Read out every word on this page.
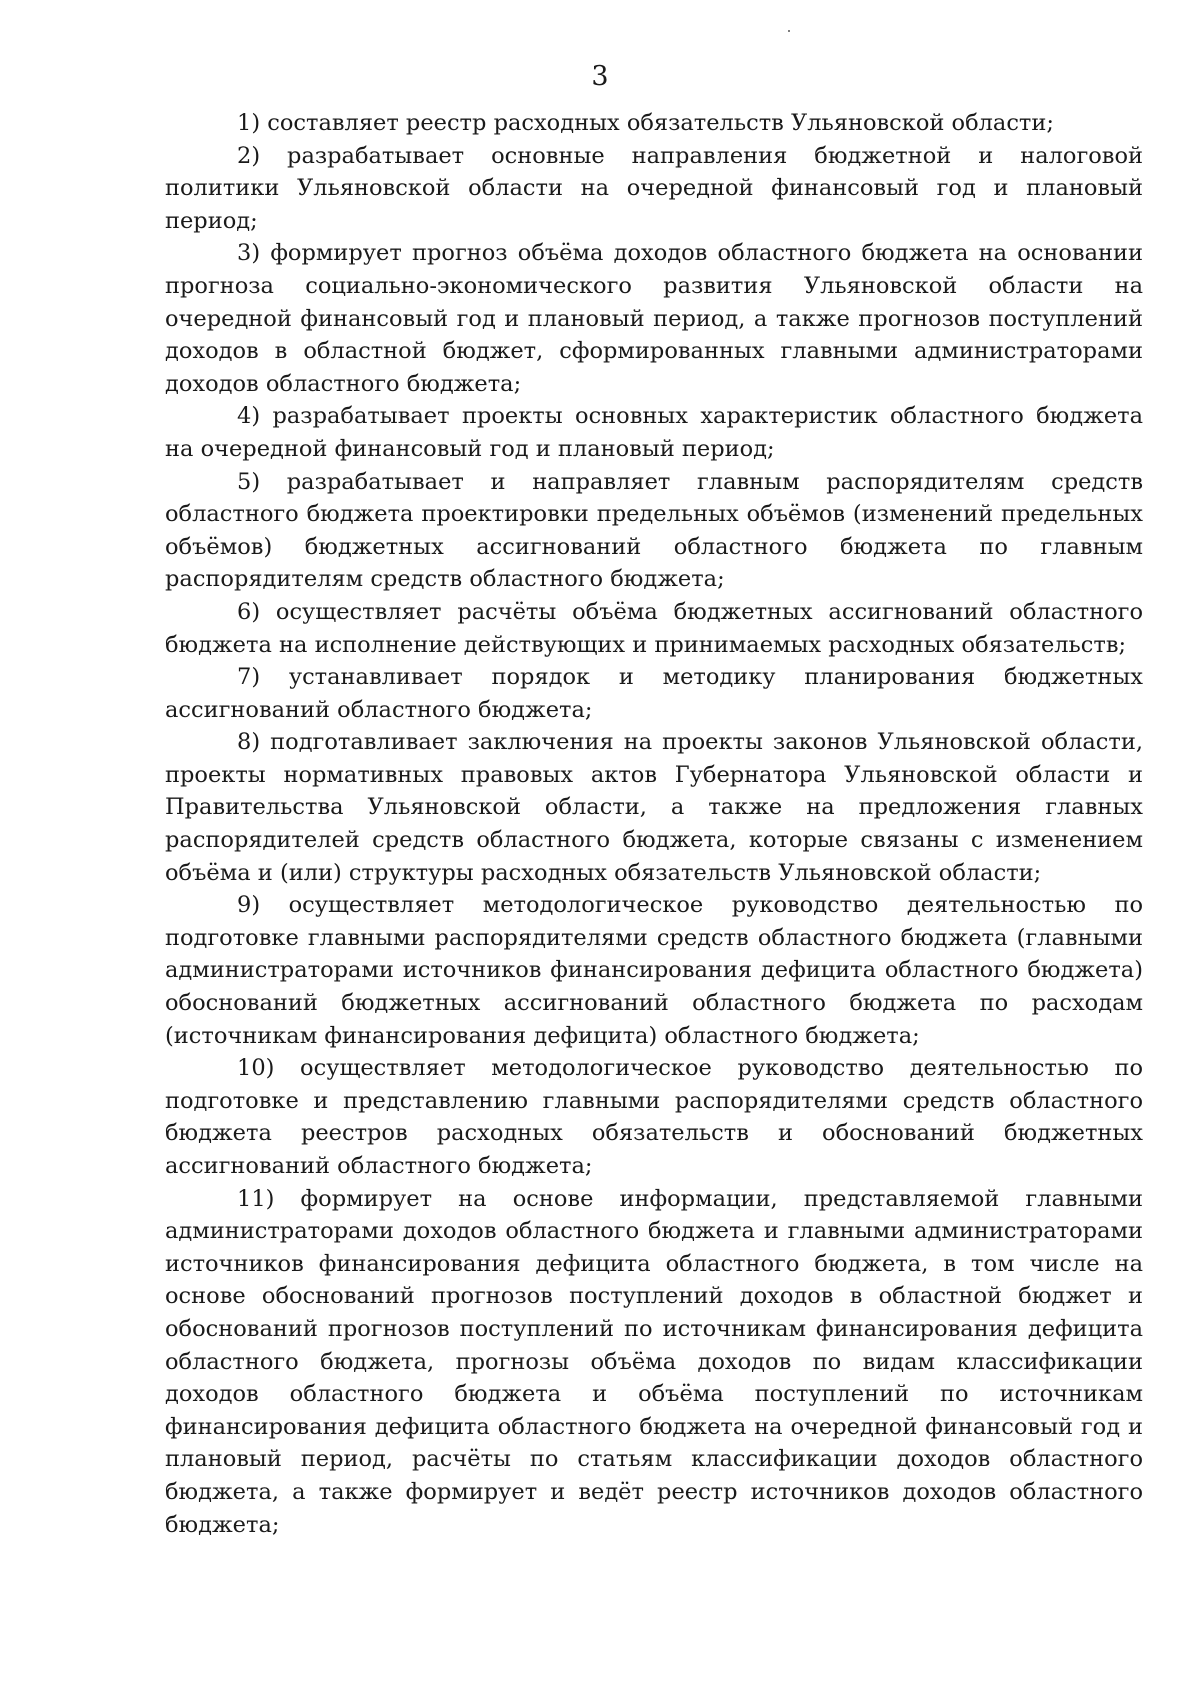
3

1) составляет реестр расходных обязательств Ульяновской области;

2) разрабатывает основные направления бюджетной и налоговой политики Ульяновской области на очередной финансовый год и плановый период;

3) формирует прогноз объёма доходов областного бюджета на основании прогноза социально-экономического развития Ульяновской области на очередной финансовый год и плановый период, а также прогнозов поступлений доходов в областной бюджет, сформированных главными администраторами доходов областного бюджета;

4) разрабатывает проекты основных характеристик областного бюджета на очередной финансовый год и плановый период;

5) разрабатывает и направляет главным распорядителям средств областного бюджета проектировки предельных объёмов (изменений предельных объёмов) бюджетных ассигнований областного бюджета по главным распорядителям средств областного бюджета;

6) осуществляет расчёты объёма бюджетных ассигнований областного бюджета на исполнение действующих и принимаемых расходных обязательств;

7) устанавливает порядок и методику планирования бюджетных ассигнований областного бюджета;

8) подготавливает заключения на проекты законов Ульяновской области, проекты нормативных правовых актов Губернатора Ульяновской области и Правительства Ульяновской области, а также на предложения главных распорядителей средств областного бюджета, которые связаны с изменением объёма и (или) структуры расходных обязательств Ульяновской области;

9) осуществляет методологическое руководство деятельностью по подготовке главными распорядителями средств областного бюджета (главными администраторами источников финансирования дефицита областного бюджета) обоснований бюджетных ассигнований областного бюджета по расходам (источникам финансирования дефицита) областного бюджета;

10) осуществляет методологическое руководство деятельностью по подготовке и представлению главными распорядителями средств областного бюджета реестров расходных обязательств и обоснований бюджетных ассигнований областного бюджета;

11) формирует на основе информации, представляемой главными администраторами доходов областного бюджета и главными администраторами источников финансирования дефицита областного бюджета, в том числе на основе обоснований прогнозов поступлений доходов в областной бюджет и обоснований прогнозов поступлений по источникам финансирования дефицита областного бюджета, прогнозы объёма доходов по видам классификации доходов областного бюджета и объёма поступлений по источникам финансирования дефицита областного бюджета на очередной финансовый год и плановый период, расчёты по статьям классификации доходов областного бюджета, а также формирует и ведёт реестр источников доходов областного бюджета;
